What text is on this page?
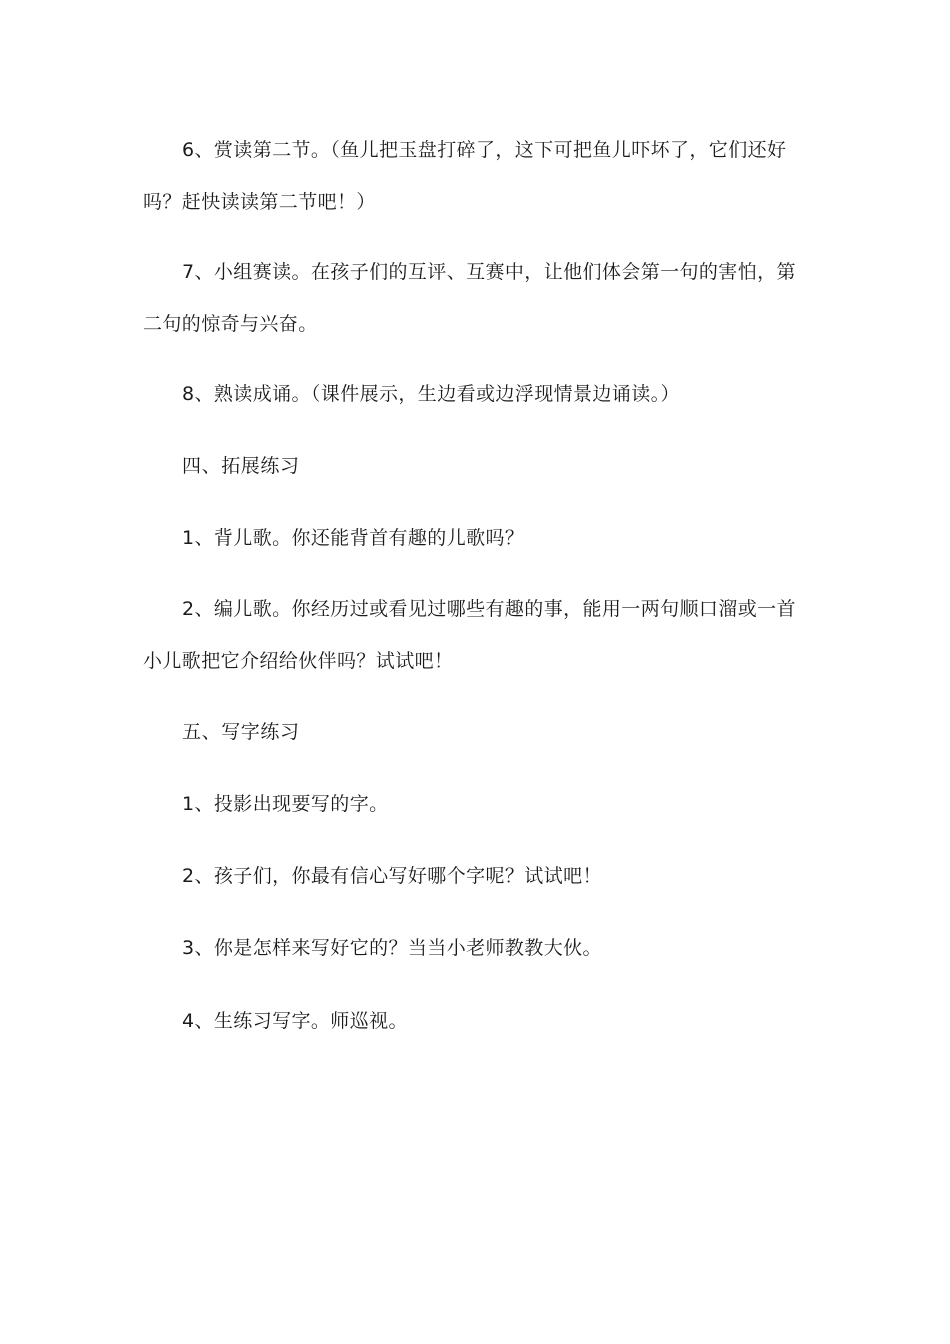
6、赏读第二节。（鱼儿把玉盘打碎了，这下可把鱼儿吓坏了，它们还好吗？赶快读读第二节吧！）

7、小组赛读。在孩子们的互评、互赛中，让他们体会第一句的害怕，第二句的惊奇与兴奋。

8、熟读成诵。（课件展示，生边看或边浮现情景边诵读。）

四、拓展练习

1、背儿歌。你还能背首有趣的儿歌吗？

2、编儿歌。你经历过或看见过哪些有趣的事，能用一两句顺口溜或一首小儿歌把它介绍给伙伴吗？试试吧！

五、写字练习

1、投影出现要写的字。

2、孩子们，你最有信心写好哪个字呢？试试吧！

3、你是怎样来写好它的？当当小老师教教大伙。

4、生练习写字。师巡视。
